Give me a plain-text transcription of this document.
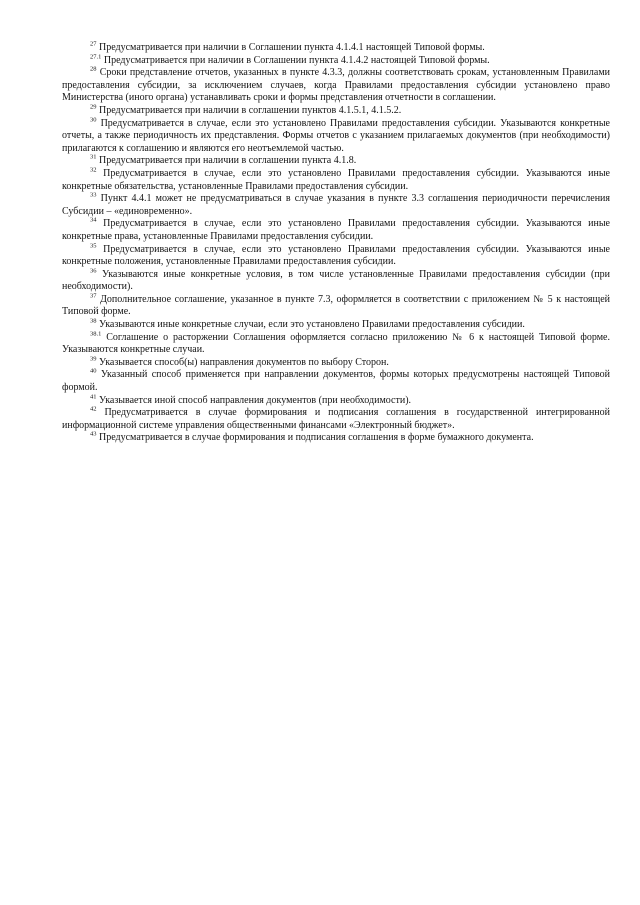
$^{27}$ Предусматривается при наличии в Соглашении пункта 4.1.4.1 настоящей Типовой формы.

$^{27.1}$ Предусматривается при наличии в Соглашении пункта 4.1.4.2 настоящей Типовой формы.

$^{28}$ Сроки представление отчетов, указанных в пункте 4.3.3, должны соответствовать срокам, установленным Правилами предоставления субсидии, за исключением случаев, когда Правилами предоставления субсидии установлено право Министерства (иного органа) устанавливать сроки и формы представления отчетности в соглашении.

$^{29}$ Предусматривается при наличии в соглашении пунктов 4.1.5.1, 4.1.5.2.

$^{30}$ Предусматривается в случае, если это установлено Правилами предоставления субсидии. Указываются конкретные отчеты, а также периодичность их представления. Формы отчетов с указанием прилагаемых документов (при необходимости) прилагаются к соглашению и являются его неотъемлемой частью.

$^{31}$ Предусматривается при наличии в соглашении пункта 4.1.8.

$^{32}$ Предусматривается в случае, если это установлено Правилами предоставления субсидии. Указываются иные конкретные обязательства, установленные Правилами предоставления субсидии.

$^{33}$ Пункт 4.4.1 может не предусматриваться в случае указания в пункте 3.3 соглашения периодичности перечисления Субсидии – «единовременно».

$^{34}$ Предусматривается в случае, если это установлено Правилами предоставления субсидии. Указываются иные конкретные права, установленные Правилами предоставления субсидии.

$^{35}$ Предусматривается в случае, если это установлено Правилами предоставления субсидии. Указываются иные конкретные положения, установленные Правилами предоставления субсидии.

$^{36}$ Указываются иные конкретные условия, в том числе установленные Правилами предоставления субсидии (при необходимости).

$^{37}$ Дополнительное соглашение, указанное в пункте 7.3, оформляется в соответствии с приложением № 5 к настоящей Типовой форме.

$^{38}$ Указываются иные конкретные случаи, если это установлено Правилами предоставления субсидии.

$^{38.1}$ Соглашение о расторжении Соглашения оформляется согласно приложению № 6 к настоящей Типовой форме. Указываются конкретные случаи.

$^{39}$ Указывается способ(ы) направления документов по выбору Сторон.

$^{40}$ Указанный способ применяется при направлении документов, формы которых предусмотрены настоящей Типовой формой.

$^{41}$ Указывается иной способ направления документов (при необходимости).

$^{42}$ Предусматривается в случае формирования и подписания соглашения в государственной интегрированной информационной системе управления общественными финансами «Электронный бюджет».

$^{43}$ Предусматривается в случае формирования и подписания соглашения в форме бумажного документа.
